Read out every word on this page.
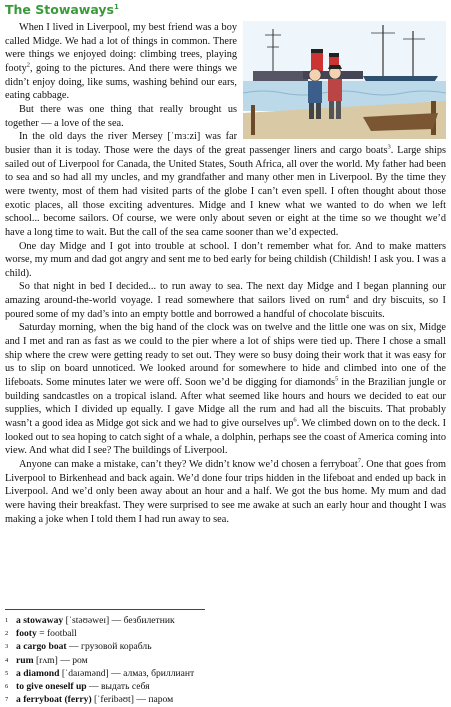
The Stowaways$^1$

When I lived in Liverpool, my best friend was a boy called Midge. We had a lot of things in common. There were things we enjoyed doing: climbing trees, playing footy$^2$, going to the pictures. And there were things we didn’t enjoy doing, like sums, washing behind our ears, eating cabbage.

But there was one thing that really brought us together — a love of the sea.

In the old days the river Mersey [ˈmɜːzi] was far busier than it is today. Those were the days of the great passenger liners and cargo boats$^3$. Large ships sailed out of Liverpool for Canada, the United States, South Africa, all over the world. My father had been to sea and so had all my uncles, and my grandfather and many other men in Liverpool. By the time they were twenty, most of them had visited parts of the globe I can’t even spell. I often thought about those exotic places, all those exciting adventures. Midge and I knew what we wanted to do when we left school... become sailors. Of course, we were only about seven or eight at the time so we thought we’d have a long time to wait. But the call of the sea came sooner than we’d expected.

One day Midge and I got into trouble at school. I don’t remember what for. And to make matters worse, my mum and dad got angry and sent me to bed early for being childish (Childish! I ask you. I was a child).

So that night in bed I decided... to run away to sea. The next day Midge and I began planning our amazing around-the-world voyage. I read somewhere that sailors lived on rum$^4$ and dry biscuits, so I poured some of my dad’s into an empty bottle and borrowed a handful of chocolate biscuits.

Saturday morning, when the big hand of the clock was on twelve and the little one was on six, Midge and I met and ran as fast as we could to the pier where a lot of ships were tied up. There I chose a small ship where the crew were getting ready to set out. They were so busy doing their work that it was easy for us to slip on board unnoticed. We looked around for somewhere to hide and climbed into one of the lifeboats. Some minutes later we were off. Soon we’d be digging for diamonds$^5$ in the Brazilian jungle or building sandcastles on a tropical island. After what seemed like hours and hours we decided to eat our supplies, which I divided up equally. I gave Midge all the rum and had all the biscuits. That probably wasn’t a good idea as Midge got sick and we had to give ourselves $up^6$. We climbed down on to the deck. I looked out to sea hoping to catch sight of a whale, a dolphin, perhaps see the coast of America coming into view. And what did I see? The buildings of Liverpool.

Anyone can make a mistake, can’t they? We didn’t know we’d chosen a ferryboat$^7$. One that goes from Liverpool to Birkenhead and back again. We’d done four trips hidden in the lifeboat and ended up back in Liverpool. And we’d only been away about an hour and a half. We got the bus home. My mum and dad were having their breakfast. They were surprised to see me awake at such an early hour and thought I was making a joke when I told them I had run away to sea.

1 a stowaway [ˈstəʊəweɪ] — безбилетник
2 footy = football
3 a cargo boat — грузовой корабль
4 rum [rʌm] — ром
5 a diamond [ˈdaɪəmənd] — алмаз, бриллиант
6 to give oneself up — выдать себя
7 a ferryboat (ferry) [ˈferibəʊt] — паром
